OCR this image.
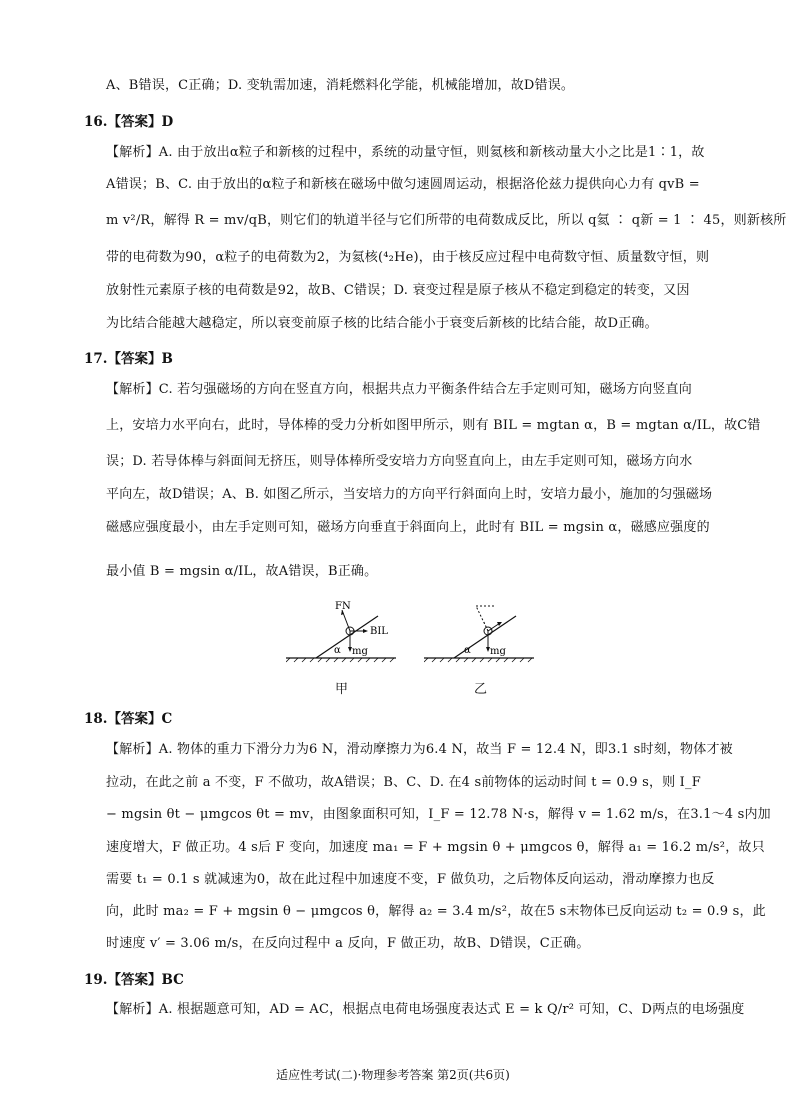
A、B错误，C正确；D. 变轨需加速，消耗燃料化学能，机械能增加，故D错误。
16.【答案】D
【解析】A. 由于放出α粒子和新核的过程中，系统的动量守恒，则氦核和新核动量大小之比是1∶1，故
A错误；B、C. 由于放出的α粒子和新核在磁场中做匀速圆周运动，根据洛伦兹力提供向心力有 qvB =
m v²/R，解得 R = mv/qB，则它们的轨道半径与它们所带的电荷数成反比，所以 q氦 ∶ q新 = 1 ∶ 45，则新核所
带的电荷数为90，α粒子的电荷数为2，为氦核(⁴₂He)，由于核反应过程中电荷数守恒、质量数守恒，则
放射性元素原子核的电荷数是92，故B、C错误；D. 衰变过程是原子核从不稳定到稳定的转变，又因
为比结合能越大越稳定，所以衰变前原子核的比结合能小于衰变后新核的比结合能，故D正确。
17.【答案】B
【解析】C. 若匀强磁场的方向在竖直方向，根据共点力平衡条件结合左手定则可知，磁场方向竖直向
上，安培力水平向右，此时，导体棒的受力分析如图甲所示，则有 BIL = mgtan α，B = mgtan α/IL，故C错
误；D. 若导体棒与斜面间无挤压，则导体棒所受安培力方向竖直向上，由左手定则可知，磁场方向水
平向左，故D错误；A、B. 如图乙所示，当安培力的方向平行斜面向上时，安培力最小，施加的匀强磁场
磁感应强度最小，由左手定则可知，磁场方向垂直于斜面向上，此时有 BIL = mgsin α，磁感应强度的
最小值 B = mgsin α/IL，故A错误，B正确。
α
FN
BIL
mg	α mg
甲	乙
18.【答案】C
【解析】A. 物体的重力下滑分力为6 N，滑动摩擦力为6.4 N，故当 F = 12.4 N，即3.1 s时刻，物体才被
拉动，在此之前 a 不变，F 不做功，故A错误；B、C、D. 在4 s前物体的运动时间 t = 0.9 s，则 I_F
− mgsin θt − μmgcos θt = mv，由图象面积可知，I_F = 12.78 N·s，解得 v = 1.62 m/s，在3.1～4 s内加
速度增大，F 做正功。4 s后 F 变向，加速度 ma₁ = F + mgsin θ + μmgcos θ，解得 a₁ = 16.2 m/s²，故只
需要 t₁ = 0.1 s 就减速为0，故在此过程中加速度不变，F 做负功，之后物体反向运动，滑动摩擦力也反
向，此时 ma₂ = F + mgsin θ − μmgcos θ，解得 a₂ = 3.4 m/s²，故在5 s末物体已反向运动 t₂ = 0.9 s，此
时速度 v′ = 3.06 m/s，在反向过程中 a 反向，F 做正功，故B、D错误，C正确。
19.【答案】BC
【解析】A. 根据题意可知，AD = AC，根据点电荷电场强度表达式 E = k Q/r² 可知，C、D两点的电场强度
适应性考试(二)·物理参考答案 第2页(共6页)
